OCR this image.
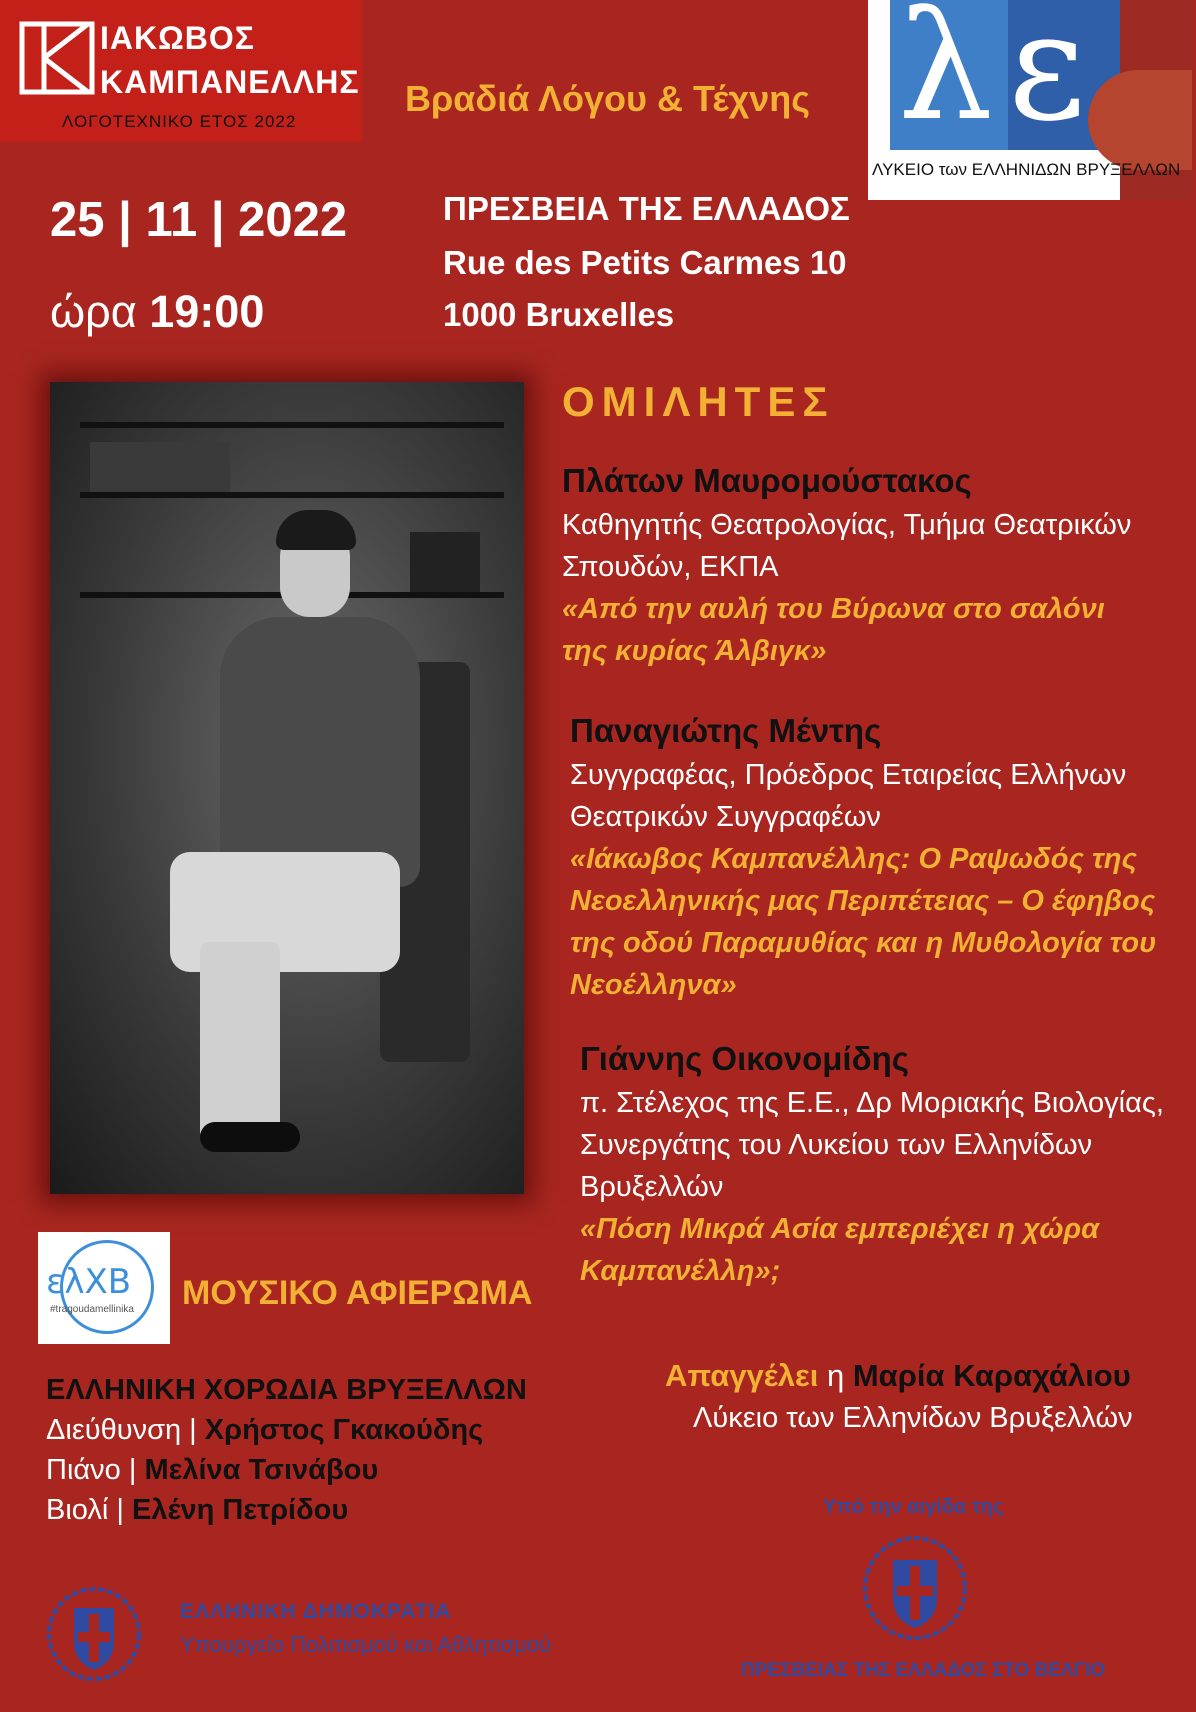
ΙΑΚΩΒΟΣ
ΚΑΜΠΑΝΕΛΛΗΣ
ΛΟΓΟΤΕΧΝΙΚΟ ΕΤΟΣ 2022
Βραδιά Λόγου & Τέχνης λ ε
ΛΥΚΕΙΟ των ΕΛΛΗΝΙΔΩΝ ΒΡΥΞΕΛΛΩΝ
25 | 11 | 2022
ώρα 19:00
ΠΡΕΣΒΕΙΑ ΤΗΣ ΕΛΛΑΔΟΣ
Rue des Petits Carmes 10
1000 Bruxelles
ΟΜΙΛΗΤΕΣ
Πλάτων Μαυρομούστακος
Καθηγητής Θεατρολογίας, Τμήμα Θεατρικών
Σπουδών, ΕΚΠΑ
«Από την αυλή του Βύρωνα στο σαλόνι
της κυρίας Άλβιγκ»
Παναγιώτης Μέντης
Συγγραφέας, Πρόεδρος Εταιρείας Ελλήνων
Θεατρικών Συγγραφέων
«Ιάκωβος Καμπανέλλης: Ο Ραψωδός της
Νεοελληνικής μας Περιπέτειας – Ο έφηβος
της οδού Παραμυθίας και η Μυθολογία του
Νεοέλληνα»
Γιάννης Οικονομίδης
π. Στέλεχος της Ε.Ε., Δρ Μοριακής Βιολογίας,
Συνεργάτης του Λυκείου των Ελληνίδων
Βρυξελλών
«Πόση Μικρά Ασία εμπεριέχει η χώρα
Καμπανέλλη»;
ελXB
#tragoudamellinika ΜΟΥΣΙΚΟ ΑΦΙΕΡΩΜΑ
ΕΛΛΗΝΙΚΗ ΧΟΡΩΔΙΑ ΒΡΥΞΕΛΛΩΝ
Διεύθυνση | Χρήστος Γκακούδης
Πιάνο | Μελίνα Τσινάβου
Βιολί | Ελένη Πετρίδου
Απαγγέλει η Μαρία Καραχάλιου
Λύκειο των Ελληνίδων Βρυξελλών
Υπό την αιγίδα της
ΠΡΕΣΒΕΙΑΣ ΤΗΣ ΕΛΛΑΔΟΣ ΣΤΟ ΒΕΛΓΙΟ
ΕΛΛΗΝΙΚΗ ΔΗΜΟΚΡΑΤΙΑ
Υπουργείο Πολιτισμού και Αθλητισμού
